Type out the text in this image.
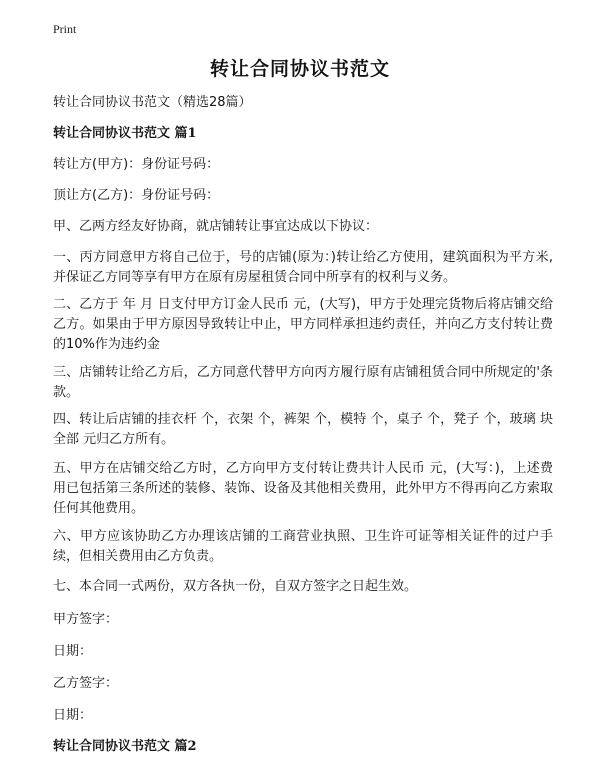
Print
转让合同协议书范文
转让合同协议书范文（精选28篇）
转让合同协议书范文 篇1
转让方(甲方)：身份证号码：
顶让方(乙方)：身份证号码：
甲、乙两方经友好协商，就店铺转让事宜达成以下协议：
一、丙方同意甲方将自己位于，号的店铺(原为：)转让给乙方使用，建筑面积为平方米,并保证乙方同等享有甲方在原有房屋租赁合同中所享有的权利与义务。
二、乙方于 年 月 日支付甲方订金人民币 元，(大写)，甲方于处理完货物后将店铺交给乙方。如果由于甲方原因导致转让中止，甲方同样承担违约责任，并向乙方支付转让费的10%作为违约金
三、店铺转让给乙方后，乙方同意代替甲方向丙方履行原有店铺租赁合同中所规定的'条款。
四、转让后店铺的挂衣杆 个，衣架 个，裤架 个，模特 个，桌子 个，凳子 个，玻璃 块全部 元归乙方所有。
五、甲方在店铺交给乙方时，乙方向甲方支付转让费共计人民币 元，(大写：)，上述费用已包括第三条所述的装修、装饰、设备及其他相关费用，此外甲方不得再向乙方索取任何其他费用。
六、甲方应该协助乙方办理该店铺的工商营业执照、卫生许可证等相关证件的过户手续，但相关费用由乙方负责。
七、本合同一式两份，双方各执一份，自双方签字之日起生效。
甲方签字：
日期：
乙方签字：
日期：
转让合同协议书范文 篇2
